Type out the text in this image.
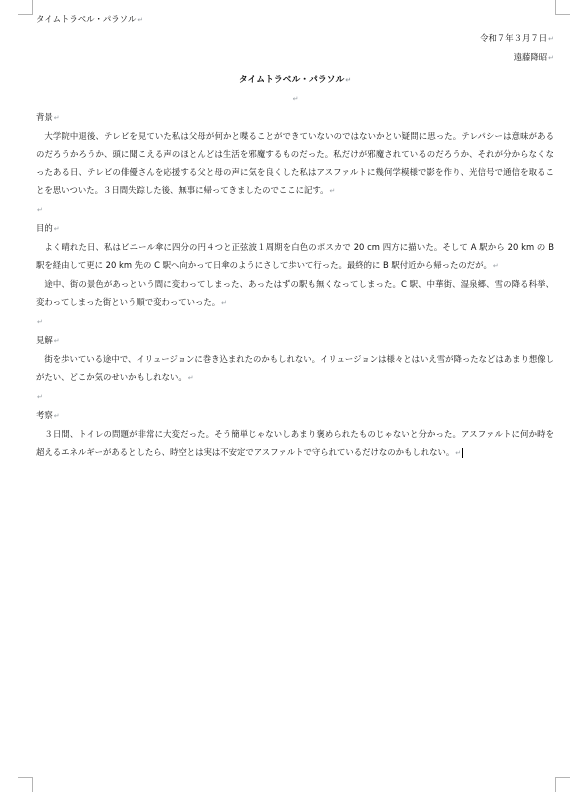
タイムトラベル・パラソル↵
令和７年３月７日↵
遠藤降昭↵
タイムトラベル・パラソル↵
↵
背景↵
大学院中退後、テレビを見ていた私は父母が何かと喋ることができていないのではないかとい疑問に思った。テレパシーは意味があるのだろうかろうか、頭に聞こえる声のほとんどは生活を邪魔するものだった。私だけが邪魔されているのだろうか、それが分からなくなったある日、テレビの俳優さんを応援する父と母の声に気を良くした私はアスファルトに幾何学模様で影を作り、光信号で通信を取ることを思いついた。３日間失踪した後、無事に帰ってきましたのでここに記す。↵
↵
目的↵
よく晴れた日、私はビニール傘に四分の円４つと正弦波１周期を白色のポスカで 20 cm 四方に描いた。そして A 駅から 20 km の B 駅を経由して更に 20 km 先の C 駅へ向かって日傘のようにさして歩いて行った。最終的に B 駅付近から帰ったのだが。↵
途中、街の景色があっという間に変わってしまった、あったはずの駅も無くなってしまった。C 駅、中華街、湿泉郷、雪の降る科挙、変わってしまった街という順で変わっていった。↵
↵
見解↵
街を歩いている途中で、イリュージョンに巻き込まれたのかもしれない。イリュージョンは様々とはいえ雪が降ったなどはあまり想像しがたい、どこか気のせいかもしれない。↵
↵
考察↵
３日間、トイレの問題が非常に大変だった。そう簡単じゃないしあまり褒められたものじゃないと分かった。アスファルトに何か時を超えるエネルギーがあるとしたら、時空とは実は不安定でアスファルトで守られているだけなのかもしれない。↵
